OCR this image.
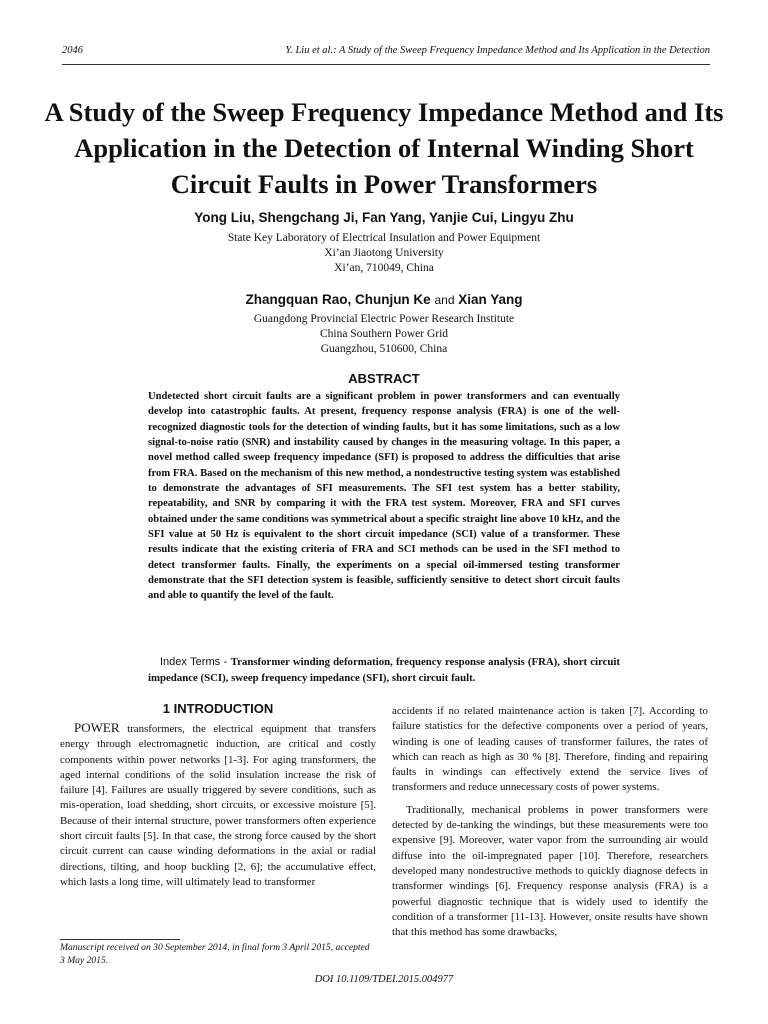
2046	Y. Liu et al.: A Study of the Sweep Frequency Impedance Method and Its Application in the Detection
A Study of the Sweep Frequency Impedance Method and Its
Application in the Detection of Internal Winding Short
Circuit Faults in Power Transformers
Yong Liu, Shengchang Ji, Fan Yang, Yanjie Cui, Lingyu Zhu
State Key Laboratory of Electrical Insulation and Power Equipment
Xi’an Jiaotong University
Xi’an, 710049, China
Zhangquan Rao, Chunjun Ke and Xian Yang
Guangdong Provincial Electric Power Research Institute
China Southern Power Grid
Guangzhou, 510600, China
ABSTRACT
Undetected short circuit faults are a significant problem in power transformers and can eventually develop into catastrophic faults. At present, frequency response analysis (FRA) is one of the well-recognized diagnostic tools for the detection of winding faults, but it has some limitations, such as a low signal-to-noise ratio (SNR) and instability caused by changes in the measuring voltage. In this paper, a novel method called sweep frequency impedance (SFI) is proposed to address the difficulties that arise from FRA. Based on the mechanism of this new method, a nondestructive testing system was established to demonstrate the advantages of SFI measurements. The SFI test system has a better stability, repeatability, and SNR by comparing it with the FRA test system. Moreover, FRA and SFI curves obtained under the same conditions was symmetrical about a specific straight line above 10 kHz, and the SFI value at 50 Hz is equivalent to the short circuit impedance (SCI) value of a transformer. These results indicate that the existing criteria of FRA and SCI methods can be used in the SFI method to detect transformer faults. Finally, the experiments on a special oil-immersed testing transformer demonstrate that the SFI detection system is feasible, sufficiently sensitive to detect short circuit faults and able to quantify the level of the fault.
Index Terms - Transformer winding deformation, frequency response analysis (FRA), short circuit impedance (SCI), sweep frequency impedance (SFI), short circuit fault.
1 INTRODUCTION

POWER transformers, the electrical equipment that transfers energy through electromagnetic induction, are critical and costly components within power networks [1-3]. For aging transformers, the aged internal conditions of the solid insulation increase the risk of failure [4]. Failures are usually triggered by severe conditions, such as mis-operation, load shedding, short circuits, or excessive moisture [5]. Because of their internal structure, power transformers often experience short circuit faults [5]. In that case, the strong force caused by the short circuit current can cause winding deformations in the axial or radial directions, tilting, and hoop buckling [2, 6]; the accumulative effect, which lasts a long time, will ultimately lead to transformer

accidents if no related maintenance action is taken [7]. According to failure statistics for the defective components over a period of years, winding is one of leading causes of transformer failures, the rates of which can reach as high as 30 % [8]. Therefore, finding and repairing faults in windings can effectively extend the service lives of transformers and reduce unnecessary costs of power systems.

Traditionally, mechanical problems in power transformers were detected by de-tanking the windings, but these measurements were too expensive [9]. Moreover, water vapor from the surrounding air would diffuse into the oil-impregnated paper [10]. Therefore, researchers developed many nondestructive methods to quickly diagnose defects in transformer windings [6]. Frequency response analysis (FRA) is a powerful diagnostic technique that is widely used to identify the condition of a transformer [11-13]. However, onsite results have shown that this method has some drawbacks,

Manuscript received on 30 September 2014, in final form 3 April 2015, accepted 3 May 2015.
DOI 10.1109/TDEI.2015.004977
